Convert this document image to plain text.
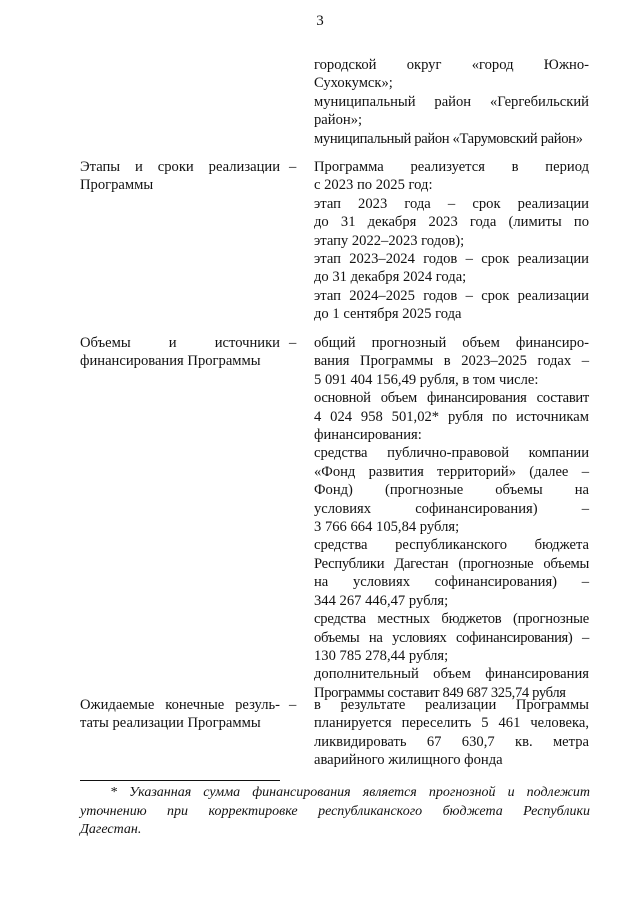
3
городской округ «город Южно-
Сухокумск»;
муниципальный район «Гергебильский
район»;
муниципальный район «Тарумовский район»
Этапы и сроки реализации
Программы
– Программа реализуется в период
с 2023 по 2025 год:
этап 2023 года – срок реализации
до 31 декабря 2023 года (лимиты по
этапу 2022–2023 годов);
этап 2023–2024 годов – срок реализации
до 31 декабря 2024 года;
этап 2024–2025 годов – срок реализации
до 1 сентября 2025 года
Объемы и источники
финансирования Программы
– общий прогнозный объем финансиро-
вания Программы в 2023–2025 годах –
5 091 404 156,49 рубля, в том числе:
основной объем финансирования составит
4 024 958 501,02* рубля по источникам
финансирования:
средства публично-правовой компании
«Фонд развития территорий» (далее –
Фонд) (прогнозные объемы на
условиях софинансирования) –
3 766 664 105,84 рубля;
средства республиканского бюджета
Республики Дагестан (прогнозные объемы
на условиях софинансирования) –
344 267 446,47 рубля;
средства местных бюджетов (прогнозные
объемы на условиях софинансирования) –
130 785 278,44 рубля;
дополнительный объем финансирования
Программы составит 849 687 325,74 рубля
Ожидаемые конечные резуль-
таты реализации Программы
– в результате реализации Программы
планируется переселить 5 461 человека,
ликвидировать 67 630,7 кв. метра
аварийного жилищного фонда
* Указанная сумма финансирования является прогнозной и подлежит
уточнению при корректировке республиканского бюджета Республики
Дагестан.
